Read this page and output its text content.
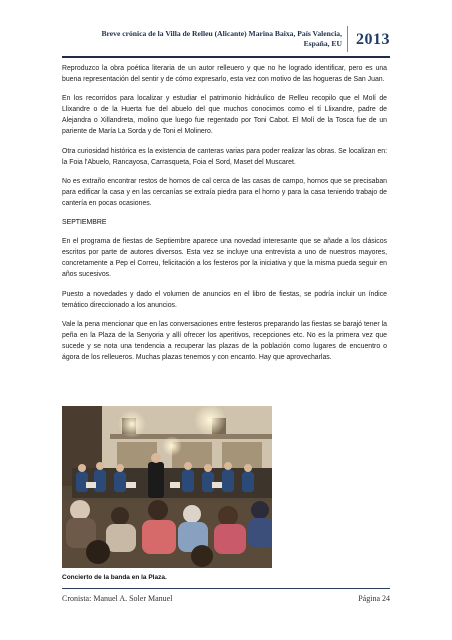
Breve crónica de la Villa de Relleu (Alicante) Marina Baixa, País Valencia,
España, EU 2013

Reproduzco la obra poética literaria de un autor relleuero y que no he logrado identificar, pero es una buena representación del sentir y de cómo expresarlo, esta vez con motivo de las hogueras de San Juan.

En los recorridos para localizar y estudiar el patrimonio hidráulico de Relleu recopilo que el Molí de Llixandre o de la Huerta fue del abuelo del que muchos conocimos como el tí Llixandre, padre de Alejandra o Xillandreta, molino que luego fue regentado por Toni Cabot. El Molí de la Tosca fue de un pariente de María La Sorda y de Toni el Molinero.

Otra curiosidad histórica es la existencia de canteras varias para poder realizar las obras. Se localizan en: la Foia l'Abuelo, Rancayosa, Carrasqueta, Foia el Sord, Maset del Muscaret.

No es extraño encontrar restos de hornos de cal cerca de las casas de campo, hornos que se precisaban para edificar la casa y en las cercanías se extraía piedra para el horno y para la casa teniendo trabajo de cantería en pocas ocasiones.

SEPTIEMBRE

En el programa de fiestas de Septiembre aparece una novedad interesante que se añade a los clásicos escritos por parte de autores diversos. Esta vez se incluye una entrevista a uno de nuestros mayores, concretamente a Pep el Correu, felicitación a los festeros por la iniciativa y que la misma pueda seguir en años sucesivos.

Puesto a novedades y dado el volumen de anuncios en el libro de fiestas, se podría incluir un índice temático direccionado a los anuncios.

Vale la pena mencionar que en las conversaciones entre festeros preparando las fiestas se barajó tener la peña en la Plaza de la Senyoria y allí ofrecer los aperitivos, recepciones etc. No es la primera vez que sucede y se nota una tendencia a recuperar las plazas de la población como lugares de encuentro o ágora de los relleueros. Muchas plazas tenemos y con encanto. Hay que aprovecharlas.

Concierto de la banda en la Plaza.
Cronista: Manuel A. Soler Manuel	Página 24
